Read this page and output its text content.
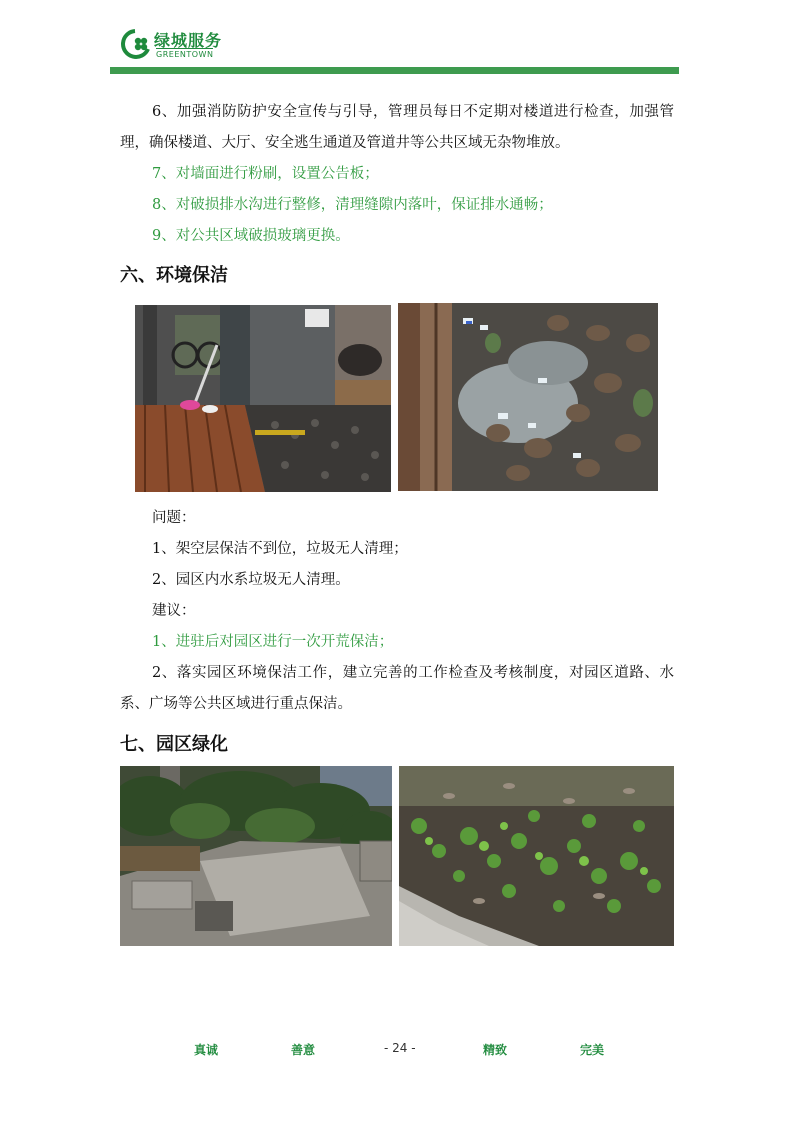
绿城服务
GREENTOWN

6、加强消防防护安全宣传与引导，管理员每日不定期对楼道进行检查，加强管理，确保楼道、大厅、安全逃生通道及管道井等公共区域无杂物堆放。

7、对墙面进行粉刷，设置公告板；

8、对破损排水沟进行整修，清理缝隙内落叶，保证排水通畅；

9、对公共区域破损玻璃更换。

六、环境保洁

问题：

1、架空层保洁不到位，垃圾无人清理；

2、园区内水系垃圾无人清理。

建议：

1、进驻后对园区进行一次开荒保洁；

2、落实园区环境保洁工作，建立完善的工作检查及考核制度，对园区道路、水系、广场等公共区域进行重点保洁。

七、园区绿化
真诚	善意	- 24 -	精致	完美
